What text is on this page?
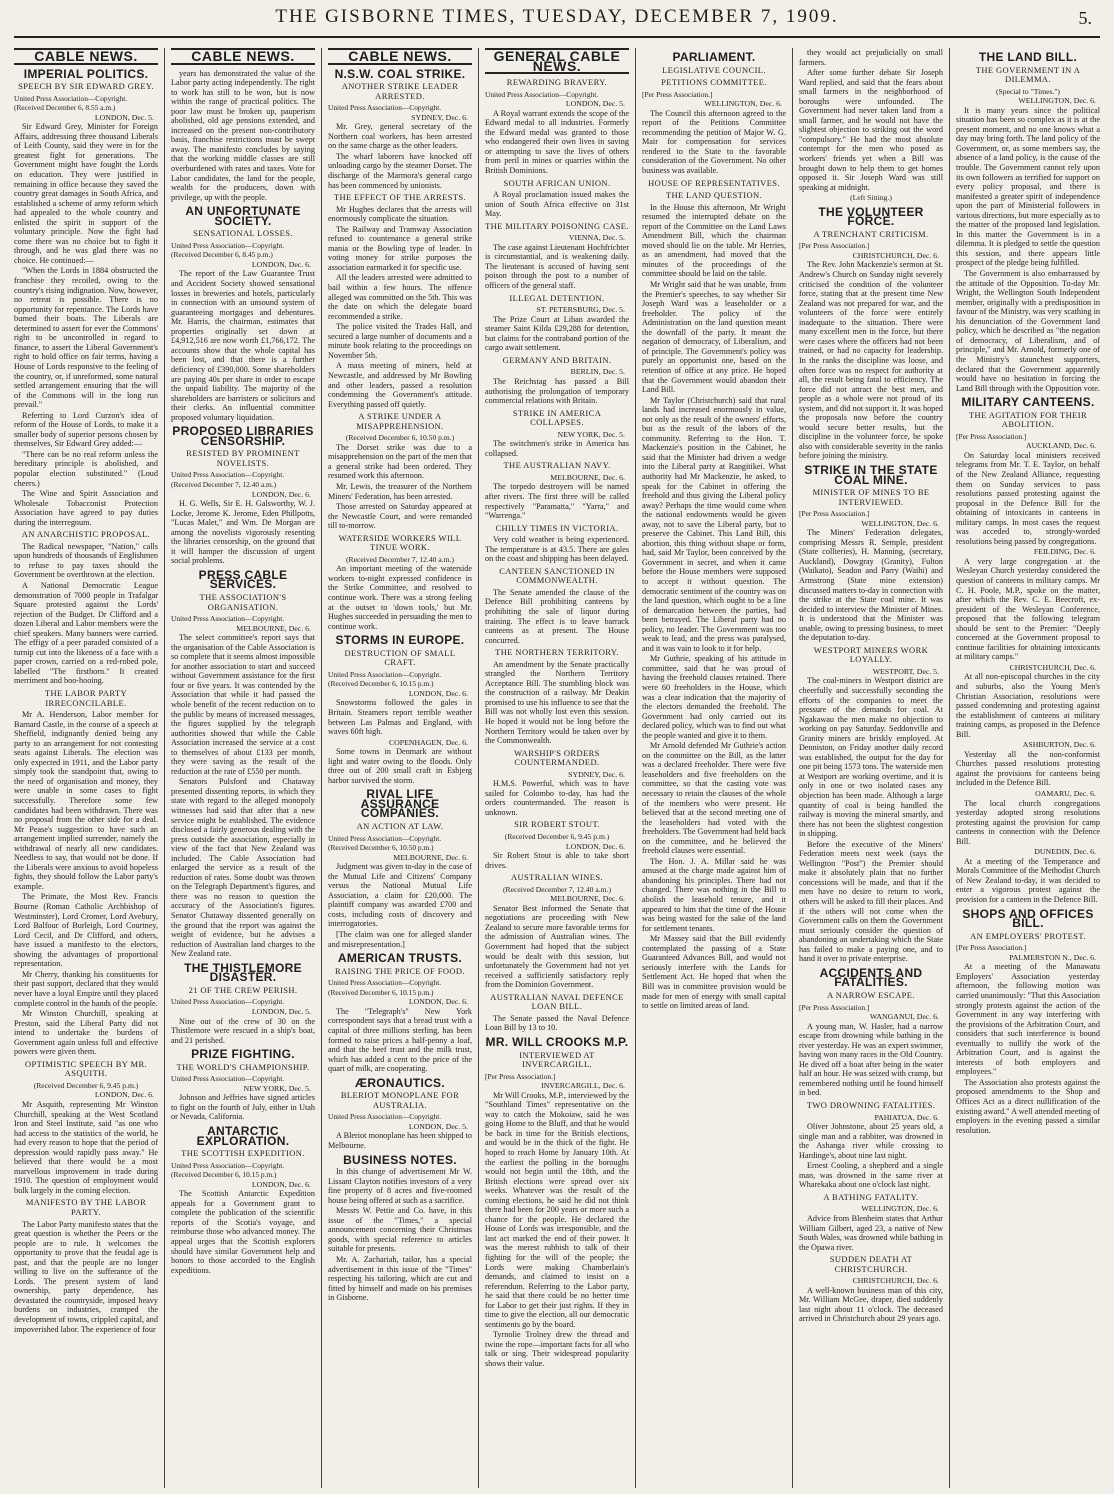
THE GISBORNE TIMES, TUESDAY, DECEMBER 7, 1909.	5.
CABLE NEWS.
IMPERIAL POLITICS.
SPEECH BY SIR EDWARD GREY.
United Press Association—Copyright. (Received December 6, 8.55 a.m.)
LONDON, Dec. 5.

Sir Edward Grey, Minister for Foreign Affairs, addressing three thousand Liberals of Leith County, said they were in for the greatest fight for generations. The Government might have fought the Lords on education. They were justified in remaining in office because they saved the country great damages in South Africa, and established a scheme of army reform which had appealed to the whole country and enlisted the spirit in support of the voluntary principle. Now the fight had come there was no choice but to fight it through, and he was glad there was no choice. He continued:—

"When the Lords in 1884 obstructed the franchise they recoiled, owing to the country's rising indignation. Now, however, no retreat is possible. There is no opportunity for repentance. The Lords have burned their boats. The Liberals are determined to assert for ever the Commons' right to be uncontrolled in regard to finance, to assert the Liberal Government's right to hold office on fair terms, having a House of Lords responsive to the feeling of the country, or, if unreformed, some natural settled arrangement ensuring that the will of the Commons will in the long run prevail."

Referring to Lord Curzon's idea of reform of the House of Lords, to make it a smaller body of superior persons chosen by themselves, Sir Edward Grey added:—

"There can be no real reform unless the hereditary principle is abolished, and popular election substituted." (Loud cheers.)

The Wine and Spirit Association and Wholesale Tobacconist Protection Association have agreed to pay duties during the interregnum.

AN ANARCHISTIC PROPOSAL.

The Radical newspaper, "Nation," calls upon hundreds of thousands of Englishmen to refuse to pay taxes should the Government be overthrown at the election.

A National Democratic League demonstration of 7000 people in Trafalgar Square protested against the Lords' rejection of the Budget. Dr Clifford and a dozen Liberal and Labor members were the chief speakers. Many banners were carried. The effigy of a peer paraded consisted of a turnip cut into the likeness of a face with a paper crown, carried on a red-robed pole, labelled "The firstborn." It created merriment and boo-hooing.

THE LABOR PARTY IRRECONCILABLE.

Mr A. Henderson, Labor member for Barnard Castle, in the course of a speech at Sheffield, indignantly denied being any party to an arrangement for not contesting seats against Liberals. The election was only expected in 1911, and the Labor party simply took the standpoint that, owing to the need of organisation and money, they were unable in some cases to fight successfully. Therefore some few candidates had been withdrawn. There was no proposal from the other side for a deal. Mr Pease's suggestion to have such an arrangement implied surrender, namely the withdrawal of nearly all new candidates. Needless to say, that would not be done. If the Liberals were anxious to avoid hopeless fights, they should follow the Labor party's example.

The Primate, the Most Rev. Francis Bourne (Roman Catholic Archbishop of Westminster), Lord Cromer, Lord Avebury, Lord Balfour of Burleigh, Lord Courtney, Lord Cecil, and Dr Clifford, and others, have issued a manifesto to the electors, showing the advantages of proportional representation.

Mr Cherry, thanking his constituents for their past support, declared that they would never have a loyal Empire until they placed complete control in the hands of the people.

Mr Winston Churchill, speaking at Preston, said the Liberal Party did not intend to undertake the burdens of Government again unless full and effective powers were given them.

OPTIMISTIC SPEECH BY MR. ASQUITH.
(Received December 6, 9.45 p.m.)
LONDON, Dec. 6.

Mr Asquith, representing Mr Winston Churchill, speaking at the West Scotland Iron and Steel Institute, said "as one who had access to the statistics of the world, he had every reason to hope that the period of depression would rapidly pass away." He believed that there would be a most marvellous improvement in trade during 1910. The question of employment would bulk largely in the coming election.

MANIFESTO BY THE LABOR PARTY.

The Labor Party manifesto states that the great question is whether the Peers or the people are to rule. It welcomes the opportunity to prove that the feudal age is past, and that the people are no longer willing to live on the sufferance of the Lords. The present system of land ownership, party dependence, has devastated the countryside, imposed heavy burdens on industries, cramped the development of towns, crippled capital, and impoverished labor. The experience of four

CABLE NEWS.

years has demonstrated the value of the Labor party acting independently. The right to work has still to be won, but is now within the range of practical politics. The poor law must be broken up, pauperism abolished, old age pensions extended, and increased on the present non-contributory basis, franchise restrictions must be swept away. The manifesto concludes by saying that the working middle classes are still overburdened with rates and taxes. Vote for Labor candidates, the land for the people, wealth for the producers, down with privilege, up with the people.

AN UNFORTUNATE SOCIETY.
SENSATIONAL LOSSES.
United Press Association—Copyright. (Received December 6, 8.45 p.m.)
LONDON, Dec. 6.

The report of the Law Guarantee Trust and Accident Society showed sensational losses in breweries and hotels, particularly in connection with an unsound system of guaranteeing mortgages and debentures. Mr. Harris, the chairman, estimates that properties originally set down at £4,912,516 are now worth £1,766,172. The accounts show that the whole capital has been lost, and that there is a further deficiency of £390,000. Some shareholders are paying 40s per share in order to escape the unpaid liability. The majority of the shareholders are barristers or solicitors and their clerks. An influential committee proposed voluntary liquidation.

PROPOSED LIBRARIES CENSORSHIP.
RESISTED BY PROMINENT NOVELISTS.
United Press Association—Copyright. (Received December 7, 12.40 a.m.)
LONDON, Dec. 6.

H. G. Wells, Sir E. H. Galsworthy, W. J. Locke, Jerome K. Jerome, Eden Phillpotts, "Lucas Malet," and Wm. De Morgan are among the novelists vigorously resenting the libraries censorship, on the ground that it will hamper the discussion of urgent social problems.

PRESS CABLE SERVICES.
THE ASSOCIATION'S ORGANISATION.
United Press Association—Copyright.
MELBOURNE, Dec. 6.

The select committee's report says that the organisation of the Cable Association is so complete that it seems almost impossible for another association to start and succeed without Government assistance for the first four or five years. It was contended by the Association that while it had passed the whole benefit of the recent reduction on to the public by means of increased messages, the figures supplied by the telegraph authorities showed that while the Cable Association increased the service at a cost to themselves of about £133 per month, they were saving as the result of the reduction at the rate of £550 per month.

Senators Pulsford and Chataway presented dissenting reports, in which they state with regard to the alleged monopoly witnesses had said that after that a new service might be established. The evidence disclosed a fairly generous dealing with the press outside the association, especially in view of the fact that New Zealand was included. The Cable Association had enlarged the service as a result of the reduction of rates. Some doubt was thrown on the Telegraph Department's figures, and there was no reason to question the accuracy of the Association's figures. Senator Chataway dissented generally on the ground that the report was against the weight of evidence, but he advises a reduction of Australian land charges to the New Zealand rate.

THE THISTLEMORE DISASTER.
21 OF THE CREW PERISH.
United Press Association—Copyright.
LONDON, Dec. 5.

Nine out of the crew of 30 on the Thistlemore were rescued in a ship's boat, and 21 perished.

PRIZE FIGHTING.
THE WORLD'S CHAMPIONSHIP.
United Press Association—Copyright.
NEW YORK, Dec. 5.

Johnson and Jeffries have signed articles to fight on the fourth of July, either in Utah or Nevada, California.

ANTARCTIC EXPLORATION.
THE SCOTTISH EXPEDITION.
United Press Association—Copyright. (Received December 6, 10.15 p.m.)
LONDON, Dec. 6.

The Scottish Antarctic Expedition appeals for a Government grant to complete the publication of the scientific reports of the Scotia's voyage, and reimburse those who advanced money. The appeal urges that the Scottish explorers should have similar Government help and honors to those accorded to the English expeditions.

CABLE NEWS.
N.S.W. COAL STRIKE.
ANOTHER STRIKE LEADER ARRESTED.
United Press Association—Copyright.
SYDNEY, Dec. 6.

Mr. Grey, general secretary of the Northern coal workers, has been arrested on the same charge as the other leaders.

The wharf laborers have knocked off unloading cargo by the steamer Dorset. The discharge of the Marmora's general cargo has been commenced by unionists.

THE EFFECT OF THE ARRESTS.

Mr Hughes declares that the arrests will enormously complicate the situation.

The Railway and Tramway Association refused to countenance a general strike mania or the Bowling type of leader. In voting money for strike purposes the association earmarked it for specific use.

All the leaders arrested were admitted to bail within a few hours. The offence alleged was committed on the 5th. This was the date on which the delegate board recommended a strike.

The police visited the Trades Hall, and secured a large number of documents and a minute book relating to the proceedings on November 5th.

A mass meeting of miners, held at Newcastle, and addressed by Mr Bowling and other leaders, passed a resolution condemning the Government's attitude. Everything passed off quietly.

A STRIKE UNDER A MISAPPREHENSION.
(Received December 6, 10.50 p.m.)

The Dorset strike was due to a misapprehension on the part of the men that a general strike had been ordered. They resumed work this afternoon.

Mr. Lewis, the treasurer of the Northern Miners' Federation, has been arrested.

Those arrested on Saturday appeared at the Newcastle Court, and were remanded till to-morrow.

WATERSIDE WORKERS WILL TINUE WORK.
(Received December 7, 12.40 a.m.)

An important meeting of the waterside workers to-night expressed confidence in the Strike Committee, and resolved to continue work. There was a strong feeling at the outset to 'down tools,' but Mr. Hughes succeeded in persuading the men to continue work.

STORMS IN EUROPE.
DESTRUCTION OF SMALL CRAFT.
United Press Association—Copyright. (Received December 6, 10.15 p.m.)
LONDON, Dec. 6.

Snowstorms followed the gales in Britain. Steamers report terrible weather between Las Palmas and England, with waves 60ft high.

COPENHAGEN, Dec. 6.

Some towns in Denmark are without light and water owing to the floods. Only three out of 200 small craft in Esbjerg harbor survived the storm.

RIVAL LIFE ASSURANCE COMPANIES.
AN ACTION AT LAW.
United Press Association—Copyright. (Received December 6, 10.50 p.m.)
MELBOURNE, Dec. 6.

Judgment was given to-day in the case of the Mutual Life and Citizens' Company versus the National Mutual Life Association, a claim for £20,000. The plaintiff company was awarded £700 and costs, including costs of discovery and interrogatories.

[The claim was one for alleged slander and misrepresentation.]

AMERICAN TRUSTS.
RAISING THE PRICE OF FOOD.
United Press Association—Copyright. (Received December 6, 10.15 p.m.)
LONDON, Dec. 6.

The "Telegraph's" New York correspondent says that a bread trust with a capital of three millions sterling, has been formed to raise prices a half-penny a loaf, and that the beef trust and the milk trust, which has added a cent to the price of the quart of milk, are cooperating.

ÆRONAUTICS.
BLERIOT MONOPLANE FOR AUSTRALIA.
United Press Association—Copyright.
LONDON, Dec. 5.

A Bleriot monoplane has been shipped to Melbourne.

BUSINESS NOTES.

In this change of advertisement Mr W. Lissant Clayton notifies investors of a very fine property of 8 acres and five-roomed house being offered at such as a sacrifice.

Messrs W. Pettie and Co. have, in this issue of the "Times," a special announcement concerning their Christmas goods, with special reference to articles suitable for presents.

Mr. A. Zachariah, tailor, has a special advertisement in this issue of the "Times" respecting his tailoring, which are cut and fitted by himself and made on his premises in Gisborne.

GENERAL CABLE NEWS.
REWARDING BRAVERY.
United Press Association—Copyright.
LONDON, Dec. 5.

A Royal warrant extends the scope of the Edward medal to all industries. Formerly the Edward medal was granted to those who endangered their own lives in saving or attempting to save the lives of others from peril in mines or quarries within the British Dominions.

SOUTH AFRICAN UNION.

A Royal proclamation issued makes the union of South Africa effective on 31st May.

THE MILITARY POISONING CASE.
VIENNA, Dec. 5.

The case against Lieutenant Hochfrichter is circumstantial, and is weakening daily. The lieutenant is accused of having sent poison through the post to a number of officers of the general staff.

ILLEGAL DETENTION.
ST. PETERSBURG, Dec. 5.

The Prize Court at Liban awarded the steamer Saint Kilda £29,288 for detention, but claims for the contraband portion of the cargo await settlement.

GERMANY AND BRITAIN.
BERLIN, Dec. 5.

The Reichstag has passed a Bill authorising the prolongation of temporary commercial relations with Britain.

STRIKE IN AMERICA COLLAPSES.
NEW YORK, Dec. 5.

The switchmen's strike in America has collapsed.

THE AUSTRALIAN NAVY.
MELBOURNE, Dec. 6.

The torpedo destroyers will be named after rivers. The first three will be called respectively "Paramatta," "Yarra," and "Warrenga."

CHILLY TIMES IN VICTORIA.

Very cold weather is being experienced. The temperature is at 43.5. There are gales on the coast and shipping has been delayed.

CANTEEN SANCTIONED IN COMMONWEALTH.

The Senate amended the clause of the Defence Bill prohibiting canteens by prohibiting the sale of liquor during training. The effect is to leave barrack canteens as at present. The House concurred.

THE NORTHERN TERRITORY.

An amendment by the Senate practically strangled the Northern Territory Acceptance Bill. The stumbling block was the construction of a railway. Mr Deakin promised to use his influence to see that the Bill was not wholly lost even this session. He hoped it would not be long before the Northern Territory would be taken over by the Commonwealth.

WARSHIP'S ORDERS COUNTERMANDED.
SYDNEY, Dec. 6.

H.M.S. Powerful, which was to have sailed for Colombo to-day, has had the orders countermanded. The reason is unknown.

SIR ROBERT STOUT.
(Received December 6, 9.45 p.m.)
LONDON, Dec. 6.

Sir Robert Stout is able to take short drives.

AUSTRALIAN WINES.
(Received December 7, 12.40 a.m.)
MELBOURNE, Dec. 6.

Senator Best informed the Senate that negotiations are proceeding with New Zealand to secure more favorable terms for the admission of Australian wines. The Government had hoped that the subject would be dealt with this session, but unfortunately the Government had not yet received a sufficiently satisfactory reply from the Dominion Government.

AUSTRALIAN NAVAL DEFENCE LOAN BILL.

The Senate passed the Naval Defence Loan Bill by 13 to 10.

MR. WILL CROOKS M.P.
INTERVIEWED AT INVERCARGILL.
[Per Press Association.]
INVERCARGILL, Dec. 6.

Mr Will Crooks, M.P., interviewed by the "Southland Times" representative on the way to catch the Mokoiaw, said he was going Home to the Bluff, and that he would be back in time for the British elections, and would be in the thick of the fight. He hoped to reach Home by January 10th. At the earliest the polling in the boroughs would not begin until the 18th, and the British elections were spread over six weeks. Whatever was the result of the coming elections, he said he did not think there had been for 200 years or more such a chance for the people. He declared the House of Lords was irresponsible, and the last act marked the end of their power. It was the merest rubbish to talk of their fighting for the will of the people; the Lords were making Chamberlain's demands, and claimed to insist on a referendum. Referring to the Labor party, he said that there could be no better time for Labor to get their just rights. If they in time to give the election, all our democratic sentiments go by the board.

Tyrnolie Trolney drew the thread and twine the rope—important facts for all who talk or sing. Their widespread popularity shows their value.

PARLIAMENT.
LEGISLATIVE COUNCIL.
PETITIONS COMMITTEE.
[Per Press Association.]
WELLINGTON, Dec. 6.

The Council this afternoon agreed to the report of the Petitions Committee recommending the petition of Major W. G. Mair for compensation for services rendered to the State to the favorable consideration of the Government. No other business was available.

HOUSE OF REPRESENTATIVES.
THE LAND QUESTION.

In the House this afternoon, Mr Wright resumed the interrupted debate on the report of the Committee on the Land Laws Amendment Bill, which the chairman moved should lie on the table. Mr Herries, as an amendment, had moved that the minutes of the proceedings of the committee should be laid on the table.

Mr Wright said that he was unable, from the Premier's speeches, to say whether Sir Joseph Ward was a leaseholder or a freeholder. The policy of the Administration on the land question meant the downfall of the party. It meant the negation of democracy, of Liberalism, and of principle. The Government's policy was purely an opportunist one, based on the retention of office at any price. He hoped that the Government would abandon their Land Bill.

Mr Taylor (Christchurch) said that rural lands had increased enormously in value, not only as the result of the owners' efforts, but as the result of the labors of the community. Referring to the Hon. T. Mackenzie's position in the Cabinet, he said that the Minister had driven a wedge into the Liberal party at Rangitikei. What authority had Mr Mackenzie, he asked, to speak for the Cabinet in offering the freehold and thus giving the Liberal policy away? Perhaps the time would come when the national endowments would be given away, not to save the Liberal party, but to preserve the Cabinet. This Land Bill, this abortion, this thing without shape or form, had, said Mr Taylor, been conceived by the Government in secret, and when it came before the House members were supposed to accept it without question. The democratic sentiment of the country was on the land question, which ought to be a line of demarcation between the parties, had been betrayed. The Liberal party had no policy, no leader. The Government was too weak to lead, and the press was paralysed, and it was vain to look to it for help.

Mr Guthrie, speaking of his attitude in committee, said that he was proud of having the freehold clauses retained. There were 60 freeholders in the House, which was a clear indication that the majority of the electors demanded the freehold. The Government had only carried out its declared policy, which was to find out what the people wanted and give it to them.

Mr Arnold defended Mr Guthrie's action on the committee on the Bill, as the latter was a declared freeholder. There were five leaseholders and five freeholders on the committee, so that the casting vote was necessary to retain the clauses of the whole of the members who were present. He believed that at the second meeting one of the leaseholders had voted with the freeholders. The Government had held back on the committee, and he believed the freehold clauses were essential.

The Hon. J. A. Millar said he was amused at the charge made against him of abandoning his principles. There had not changed. There was nothing in the Bill to abolish the leasehold tenure, and it appeared to him that the time of the House was being wasted for the sake of the land for settlement tenants.

Mr Massey said that the Bill evidently contemplated the passing of a State Guaranteed Advances Bill, and would not seriously interfere with the Lands for Settlement Act. He hoped that when the Bill was in committee provision would be made for men of energy with small capital to settle on limited areas of land.

they would act prejudicially on small farmers.

After some further debate Sir Joseph Ward replied, and said that the fears about small farmers in the neighborhood of boroughs were unfounded. The Government had never taken land from a small farmer, and he would not have the slightest objection to striking out the word "compulsory." He had the most absolute contempt for the men who posed as workers' friends yet when a Bill was brought down to help them to get homes opposed it. Sir Joseph Ward was still speaking at midnight.

(Left Sitting.)
THE VOLUNTEER FORCE.
A TRENCHANT CRITICISM.
[Per Press Association.]
CHRISTCHURCH, Dec. 6.

The Rev. John Mackenzie's sermon at St. Andrew's Church on Sunday night severely criticised the condition of the volunteer force, stating that at the present time New Zealand was not prepared for war, and the volunteers of the force were entirely inadequate to the situation. There were many excellent men in the force, but there were cases where the officers had not been trained, or had no capacity for leadership. In the ranks the discipline was loose, and often force was no respect for authority at all, the result being fatal to efficiency. The force did not attract the best men, and people as a whole were not proud of its system, and did not support it. It was hoped the proposals now before the country would secure better results, but the discipline in the volunteer force, he spoke also with considerable severity in the ranks before joining the ministry.

STRIKE IN THE STATE COAL MINE.
MINISTER OF MINES TO BE INTERVIEWED.
[Per Press Association.]
WELLINGTON, Dec. 6.

The Miners' Federation delegates, comprising Messrs R. Semple, president (State collieries), H. Manning, (secretary, Auckland), Dowgray (Granity), Fulton (Waikato), Seadon and Parry (Waihi) and Armstrong (State mine extension) discussed matters to-day in connection with the strike at the State coal mine. It was decided to interview the Minister of Mines. It is understood that the Minister was unable, owing to pressing business, to meet the deputation to-day.

WESTPORT MINERS WORK LOYALLY.
WESTPORT, Dec. 5.

The coal-miners in Westport district are cheerfully and successfully seconding the efforts of the companies to meet the pressure of the demands for coal. At Ngakawau the men make no objection to working on pay Saturday. Seddonville and Granity miners are briskly employed. At Denniston, on Friday another daily record was established, the output for the day for one pit being 1573 tons. The waterside men at Westport are working overtime, and it is only in one or two isolated cases any objection has been made. Although a large quantity of coal is being handled the railway is moving the mineral smartly, and there has not been the slightest congestion in shipping.

Before the executive of the Miners' Federation meets next week (says the Wellington "Post") the Premier should make it absolutely plain that no further concessions will be made, and that if the men have no desire to return to work, others will be asked to fill their places. And if the others will not come when the Government calls on them the Government must seriously consider the question of abandoning an undertaking which the State has failed to make a paying one, and to hand it over to private enterprise.

ACCIDENTS AND FATALITIES.
A NARROW ESCAPE.
[Per Press Association.]
WANGANUI, Dec. 6.

A young man, W. Hasler, had a narrow escape from drowning while bathing in the river yesterday. He was an expert swimmer, having won many races in the Old Country. He dived off a boat after being in the water half an hour. He was seized with cramp, but remembered nothing until he found himself in bed.

TWO DROWNING FATALITIES.
PAHIATUA, Dec. 6.

Oliver Johnstone, about 25 years old, a single man and a rabbiter, was drowned in the Ashanga river while crossing to Hardinge's, about nine last night.

Ernest Cooling, a shepherd and a single man, was drowned in the same river at Wharekaka about one o'clock last night.

A BATHING FATALITY.
WELLINGTON, Dec. 6.

Advice from Blenheim states that Arthur William Gilbert, aged 23, a native of New South Wales, was drowned while bathing in the Opawa river.

SUDDEN DEATH AT CHRISTCHURCH.
CHRISTCHURCH, Dec. 6.

A well-known business man of this city, Mr. William McGee, draper, died suddenly last night about 11 o'clock. The deceased arrived in Christchurch about 29 years ago.

THE LAND BILL.
THE GOVERNMENT IN A DILEMMA.
(Special to "Times.")
WELLINGTON, Dec. 6.

It is many years since the political situation has been so complex as it is at the present moment, and no one knows what a day may bring forth. The land policy of the Government, or, as some members say, the absence of a land policy, is the cause of the trouble. The Government cannot rely upon its own followers as terrified for support on every policy proposal, and there is manifested a greater spirit of independence upon the part of Ministerial followers in various directions, but more especially as to the matter of the proposed land legislation. In this matter the Government is in a dilemma. It is pledged to settle the question this session, and there appears little prospect of the pledge being fulfilled.

The Government is also embarrassed by the attitude of the Opposition. To-day Mr. Wright, the Wellington South Independent member, originally with a predisposition in favour of the Ministry, was very scathing in his denunciation of the Government land policy, which he described as "the negation of democracy, of Liberalism, and of principle," and Mr. Arnold, formerly one of the Ministry's staunchest supporters, declared that the Government apparently would have no hesitation in forcing the Land Bill through with the Opposition vote.

MILITARY CANTEENS.
THE AGITATION FOR THEIR ABOLITION.
[Per Press Association.]
AUCKLAND, Dec. 6.

On Saturday local ministers received telegrams from Mr. T. E. Taylor, on behalf of the New Zealand Alliance, requesting them on Sunday services to pass resolutions passed protesting against the proposal in the Defence Bill for the obtaining of intoxicants in canteens in military camps. In most cases the request was acceded to, strongly-worded resolutions being passed by congregations.

FEILDING, Dec. 6.

A very large congregation at the Wesleyan Church yesterday considered the question of canteens in military camps. Mr C. H. Poole, M.P., spoke on the matter, after which the Rev. C. E. Beecroft, ex-president of the Wesleyan Conference, proposed that the following telegram should be sent to the Premier: "Deeply concerned at the Government proposal to continue facilities for obtaining intoxicants at military camps."

CHRISTCHURCH, Dec. 6.

At all non-episcopal churches in the city and suburbs, also the Young Men's Christian Association, resolutions were passed condemning and protesting against the establishment of canteens at military training camps, as proposed in the Defence Bill.

ASHBURTON, Dec. 6.

Yesterday all the non-conformist Churches passed resolutions protesting against the provisions for canteens being included in the Defence Bill.

OAMARU, Dec. 6.

The local church congregations yesterday adopted strong resolutions protesting against the provision for camp canteens in connection with the Defence Bill.

DUNEDIN, Dec. 6.

At a meeting of the Temperance and Morals Committee of the Methodist Church of New Zealand to-day, it was decided to enter a vigorous protest against the provision for a canteen in the Defence Bill.

SHOPS AND OFFICES BILL.
AN EMPLOYERS' PROTEST.
[Per Press Association.]
PALMERSTON N., Dec. 6.

At a meeting of the Manawatu Employers' Association yesterday afternoon, the following motion was carried unanimously: "That this Association strongly protests against the action of the Government in any way interfering with the provisions of the Arbitration Court, and considers that such interference is bound eventually to nullify the work of the Arbitration Court, and is against the interests of both employers and employees."

The Association also protests against the proposed amendments to the Shop and Offices Act as a direct nullification of the existing award." A well attended meeting of employers in the evening passed a similar resolution.
